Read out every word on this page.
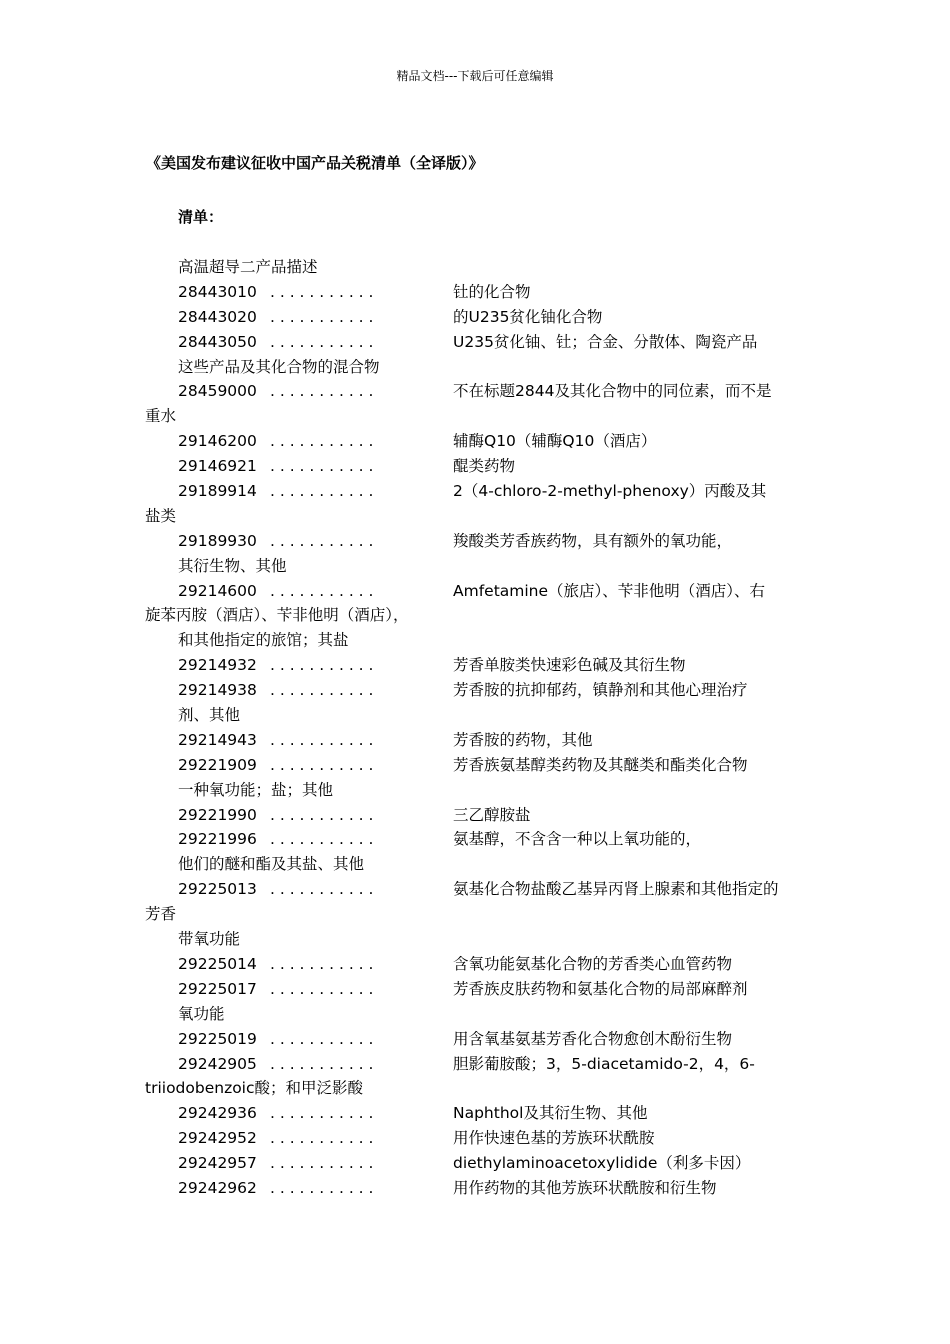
精品文档---下载后可任意编辑
《美国发布建议征收中国产品关税清单（全译版）》
清单：
高温超导二产品描述
28443010 . . . . . . . . . . .	钍的化合物
28443020 . . . . . . . . . . .	的U235贫化铀化合物
28443050 . . . . . . . . . . .	U235贫化铀、钍；合金、分散体、陶瓷产品
这些产品及其化合物的混合物
28459000 . . . . . . . . . . .	不在标题2844及其化合物中的同位素，而不是
重水
29146200 . . . . . . . . . . .	辅酶Q10（辅酶Q10（酒店）
29146921 . . . . . . . . . . .	醌类药物
29189914 . . . . . . . . . . .	2（4-chloro-2-methyl-phenoxy）丙酸及其
盐类
29189930 . . . . . . . . . . .	羧酸类芳香族药物，具有额外的氧功能，
其衍生物、其他
29214600 . . . . . . . . . . .	Amfetamine（旅店）、苄非他明（酒店）、右
旋苯丙胺（酒店）、苄非他明（酒店），
和其他指定的旅馆；其盐
29214932 . . . . . . . . . . .	芳香单胺类快速彩色碱及其衍生物
29214938 . . . . . . . . . . .	芳香胺的抗抑郁药，镇静剂和其他心理治疗
剂、其他
29214943 . . . . . . . . . . .	芳香胺的药物，其他
29221909 . . . . . . . . . . .	芳香族氨基醇类药物及其醚类和酯类化合物
一种氧功能；盐；其他
29221990 . . . . . . . . . . .	三乙醇胺盐
29221996 . . . . . . . . . . .	氨基醇，不含含一种以上氧功能的，
他们的醚和酯及其盐、其他
29225013 . . . . . . . . . . .	氨基化合物盐酸乙基异丙肾上腺素和其他指定的
芳香
带氧功能
29225014 . . . . . . . . . . .	含氧功能氨基化合物的芳香类心血管药物
29225017 . . . . . . . . . . .	芳香族皮肤药物和氨基化合物的局部麻醉剂
氧功能
29225019 . . . . . . . . . . .	用含氧基氨基芳香化合物愈创木酚衍生物
29242905 . . . . . . . . . . .	胆影葡胺酸；3，5-diacetamido-2，4，6-
triiodobenzoic酸；和甲泛影酸
29242936 . . . . . . . . . . .	Naphthol及其衍生物、其他
29242952 . . . . . . . . . . .	用作快速色基的芳族环状酰胺
29242957 . . . . . . . . . . .	diethylaminoacetoxylidide（利多卡因）
29242962 . . . . . . . . . . .	用作药物的其他芳族环状酰胺和衍生物
